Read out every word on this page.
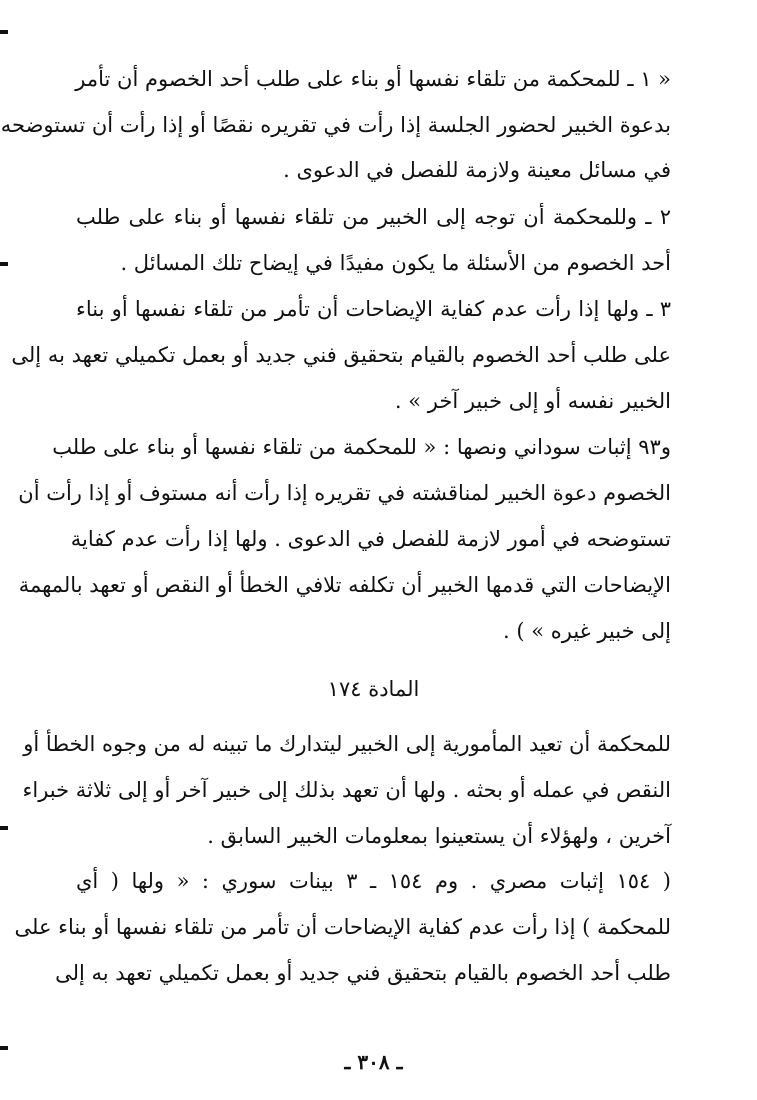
« ١ ـ للمحكمة من تلقاء نفسها أو بناء على طلب أحد الخصوم أن تأمر
بدعوة الخبير لحضور الجلسة إذا رأت في تقريره نقصًا أو إذا رأت أن تستوضحه
في مسائل معينة ولازمة للفصل في الدعوى .
٢ ـ وللمحكمة أن توجه إلى الخبير من تلقاء نفسها أو بناء على طلب
أحد الخصوم من الأسئلة ما يكون مفيدًا في إيضاح تلك المسائل .
٣ ـ ولها إذا رأت عدم كفاية الإيضاحات أن تأمر من تلقاء نفسها أو بناء
على طلب أحد الخصوم بالقيام بتحقيق فني جديد أو بعمل تكميلي تعهد به إلى
الخبير نفسه أو إلى خبير آخر » .
و٩٣ إثبات سوداني ونصها : « للمحكمة من تلقاء نفسها أو بناء على طلب
الخصوم دعوة الخبير لمناقشته في تقريره إذا رأت أنه مستوف أو إذا رأت أن
تستوضحه في أمور لازمة للفصل في الدعوى . ولها إذا رأت عدم كفاية
الإيضاحات التي قدمها الخبير أن تكلفه تلافي الخطأ أو النقص أو تعهد بالمهمة
إلى خبير غيره » ) .
المادة ١٧٤
للمحكمة أن تعيد المأمورية إلى الخبير ليتدارك ما تبينه له من وجوه الخطأ أو
النقص في عمله أو بحثه . ولها أن تعهد بذلك إلى خبير آخر أو إلى ثلاثة خبراء
آخرين ، ولهؤلاء أن يستعينوا بمعلومات الخبير السابق .
( ١٥٤ إثبات مصري . وم ١٥٤ ـ ٣ بينات سوري : « ولها ( أي
للمحكمة ) إذا رأت عدم كفاية الإيضاحات أن تأمر من تلقاء نفسها أو بناء على
طلب أحد الخصوم بالقيام بتحقيق فني جديد أو بعمل تكميلي تعهد به إلى
ـ ٣٠٨ ـ
